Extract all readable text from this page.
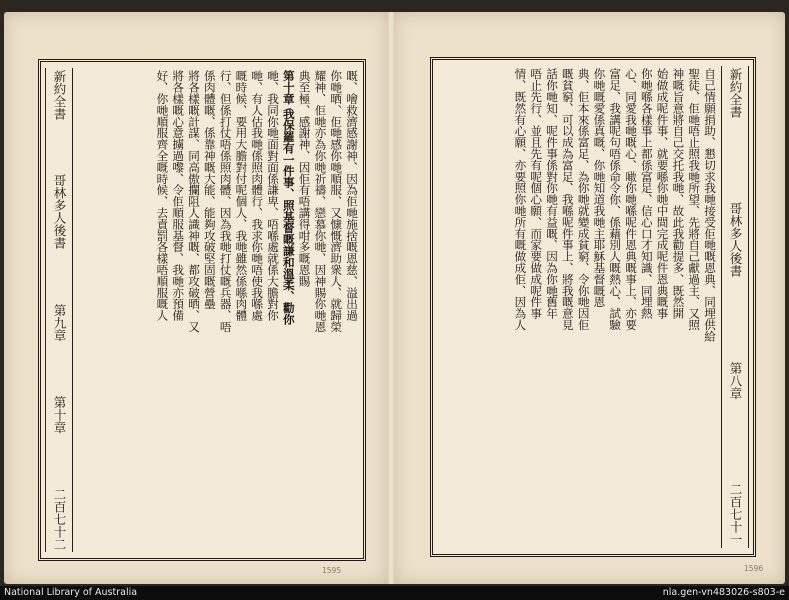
新約全書
哥林多人後書
第九章
第十章
二百七十二
嘅、噲救濟感謝神、因為佢哋施捨嘅恩慈、溢出過
你哋晒、佢哋感你哋順服、又慷慨濟助衆人、就歸榮
耀神、佢哋亦為你哋祈禱、戀慕你哋、因神賜你哋恩
典至極、感謝神、因佢有唔講得咁多嘅恩賜
第十章 我保羅有一件事、照基督嘅謙和溫柔、勸你
哋、我同你哋面對面係謙卑、唔喺處就係大膽對你
哋、有人估我哋係照肉體行、我求你哋唔使我喺處
嘅時候、要用大膽對付呢個人、我哋雖然係喺肉體
行、但係打仗唔係照肉體、因為我哋打仗嘅兵器、唔
係肉體嘅、係靠神嘅大能、能夠攻破堅固嘅營壘
將各樣嘅計謀、同高傲攔阻人識神嘅、都攻破晒、又
將各樣嘅心意擄過嚟、令佢順服基督、我哋亦預備
好、你哋順服齊全嘅時候、去責罰各樣唔順服嘅人
1595
新約全書
哥林多人後書
第八章
二百七十一
自己情願捐助、懇切求我哋接受佢哋嘅恩典、同埋供給
聖徒、佢哋唔止照我哋所望、先將自己獻過主、又照
神嘅旨意將自己交托我哋、故此我勸提多、既然開
始做成呢件事、就要喺你哋中間完成呢件恩典嘅事
你哋喺各樣事上都係富足、信心口才知識、同埋熱
心、同愛我哋嘅心、噉你哋喺呢件恩典嘅事上、亦要
富足、我講呢句唔係命令你、係藉別人嘅熱心、試驗
你哋嘅愛係真嘅、你哋知道我哋主耶穌基督嘅恩
典、佢本來係富足、為你哋就變成貧窮、令你哋因佢
嘅貧窮、可以成為富足、我喺呢件事上、將我嘅意見
話你哋知、呢件事係對你哋有益嘅、因為你哋舊年
唔止先行、並且先有呢個心願、而家要做成呢件事
情、既然有心願、亦要照你哋所有嘅做成佢、因為人
1596
National Library of Australia	nla.gen-vn483026-s803-e
